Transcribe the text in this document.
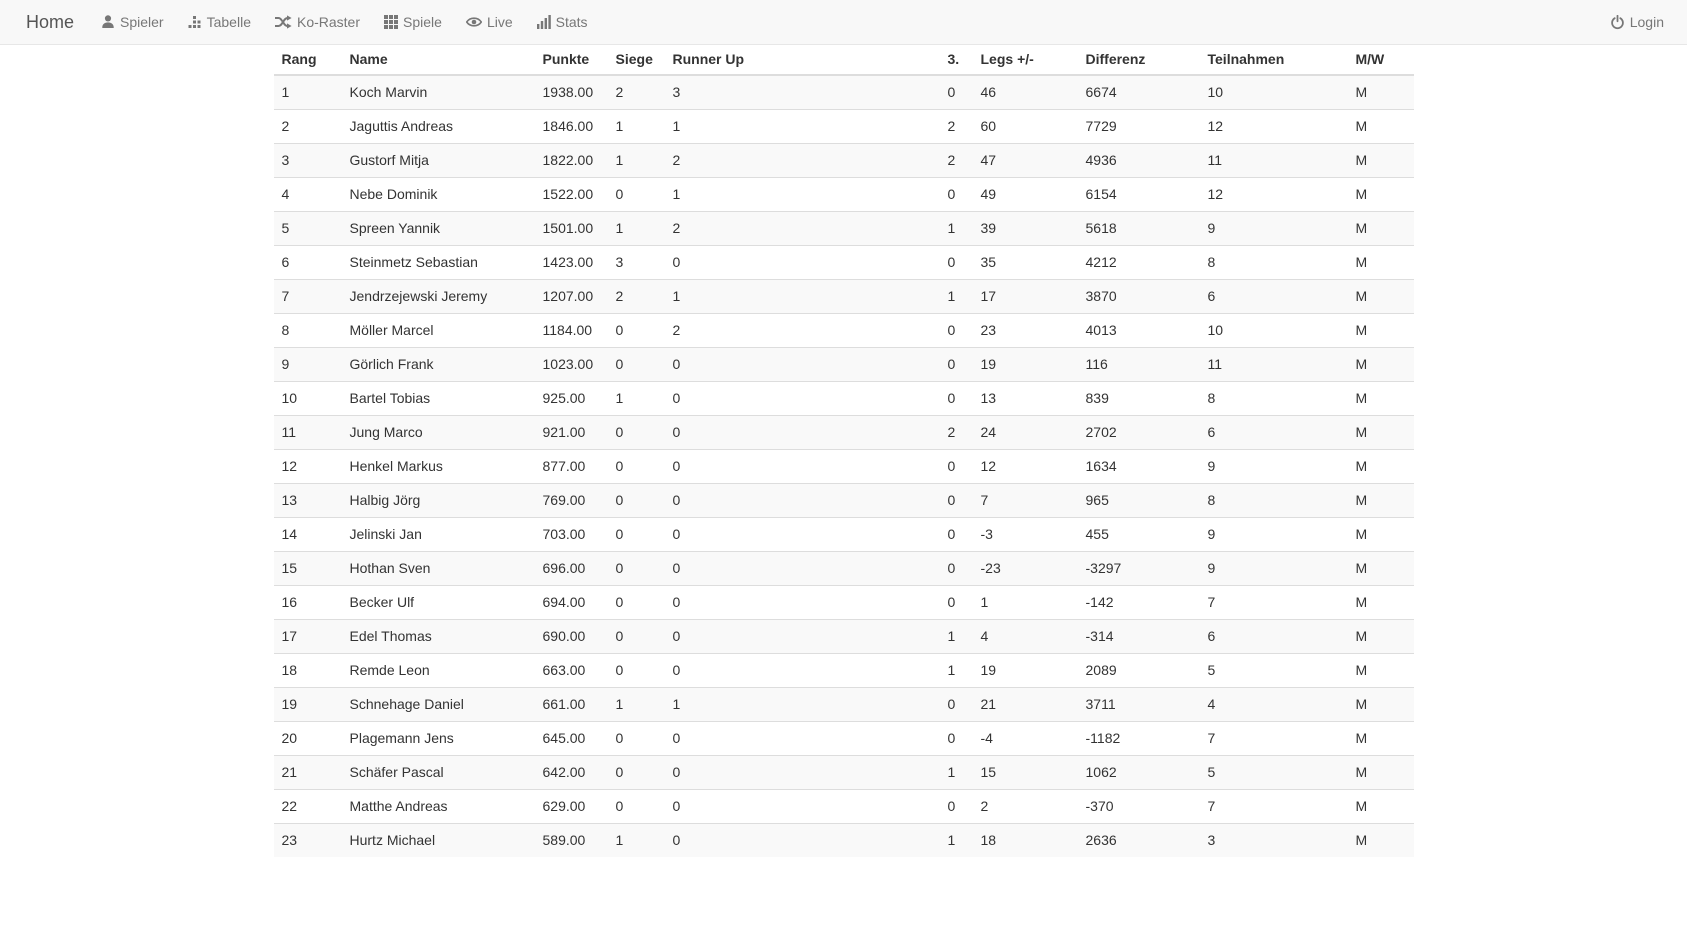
Home	Spieler	Tabelle	Ko-Raster	Spiele	Live	Stats	Login
Rang	Name	Punkte	Siege	Runner Up	3.	Legs +/-	Differenz	Teilnahmen	M/W
1	Koch Marvin	1938.00	2	3	0	46	6674	10	M
2	Jaguttis Andreas	1846.00	1	1	2	60	7729	12	M
3	Gustorf Mitja	1822.00	1	2	2	47	4936	11	M
4	Nebe Dominik	1522.00	0	1	0	49	6154	12	M
5	Spreen Yannik	1501.00	1	2	1	39	5618	9	M
6	Steinmetz Sebastian	1423.00	3	0	0	35	4212	8	M
7	Jendrzejewski Jeremy	1207.00	2	1	1	17	3870	6	M
8	Möller Marcel	1184.00	0	2	0	23	4013	10	M
9	Görlich Frank	1023.00	0	0	0	19	116	11	M
10	Bartel Tobias	925.00	1	0	0	13	839	8	M
11	Jung Marco	921.00	0	0	2	24	2702	6	M
12	Henkel Markus	877.00	0	0	0	12	1634	9	M
13	Halbig Jörg	769.00	0	0	0	7	965	8	M
14	Jelinski Jan	703.00	0	0	0	-3	455	9	M
15	Hothan Sven	696.00	0	0	0	-23	-3297	9	M
16	Becker Ulf	694.00	0	0	0	1	-142	7	M
17	Edel Thomas	690.00	0	0	1	4	-314	6	M
18	Remde Leon	663.00	0	0	1	19	2089	5	M
19	Schnehage Daniel	661.00	1	1	0	21	3711	4	M
20	Plagemann Jens	645.00	0	0	0	-4	-1182	7	M
21	Schäfer Pascal	642.00	0	0	1	15	1062	5	M
22	Matthe Andreas	629.00	0	0	0	2	-370	7	M
23	Hurtz Michael	589.00	1	0	1	18	2636	3	M
